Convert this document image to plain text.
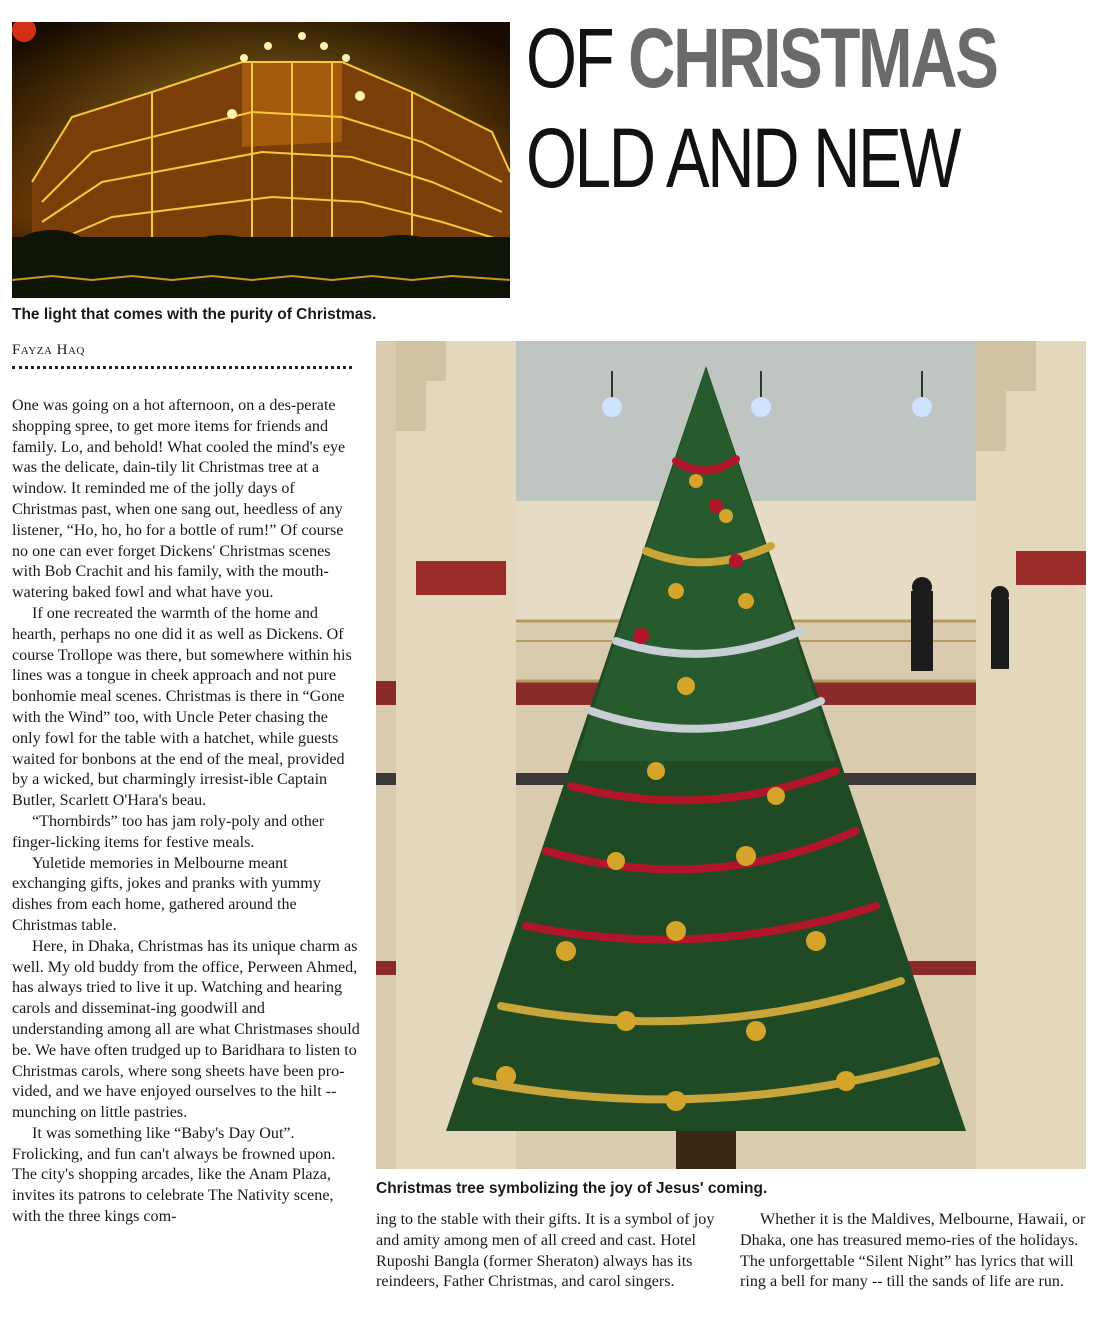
The light that comes with the purity of Christmas.
OF CHRISTMAS
OLD AND NEW
Fayza Haq

One was going on a hot afternoon, on a des-perate shopping spree, to get more items for friends and family. Lo, and behold! What cooled the mind's eye was the delicate, dain-tily lit Christmas tree at a window. It reminded me of the jolly days of Christmas past, when one sang out, heedless of any listener, “Ho, ho, ho for a bottle of rum!” Of course no one can ever forget Dickens' Christmas scenes with Bob Crachit and his family, with the mouth-watering baked fowl and what have you.

If one recreated the warmth of the home and hearth, perhaps no one did it as well as Dickens. Of course Trollope was there, but somewhere within his lines was a tongue in cheek approach and not pure bonhomie meal scenes. Christmas is there in “Gone with the Wind” too, with Uncle Peter chasing the only fowl for the table with a hatchet, while guests waited for bonbons at the end of the meal, provided by a wicked, but charmingly irresist-ible Captain Butler, Scarlett O'Hara's beau.

“Thornbirds” too has jam roly-poly and other finger-licking items for festive meals.

Yuletide memories in Melbourne meant exchanging gifts, jokes and pranks with yummy dishes from each home, gathered around the Christmas table.

Here, in Dhaka, Christmas has its unique charm as well. My old buddy from the office, Perween Ahmed, has always tried to live it up. Watching and hearing carols and disseminat-ing goodwill and understanding among all are what Christmases should be. We have often trudged up to Baridhara to listen to Christmas carols, where song sheets have been pro-vided, and we have enjoyed ourselves to the hilt -- munching on little pastries.

It was something like “Baby's Day Out”. Frolicking, and fun can't always be frowned upon. The city's shopping arcades, like the Anam Plaza, invites its patrons to celebrate The Nativity scene, with the three kings com-

Christmas tree symbolizing the joy of Jesus' coming.

ing to the stable with their gifts. It is a symbol of joy and amity among men of all creed and cast. Hotel Ruposhi Bangla (former Sheraton) always has its reindeers, Father Christmas, and carol singers.

Whether it is the Maldives, Melbourne, Hawaii, or Dhaka, one has treasured memo-ries of the holidays. The unforgettable “Silent Night” has lyrics that will ring a bell for many -- till the sands of life are run.
